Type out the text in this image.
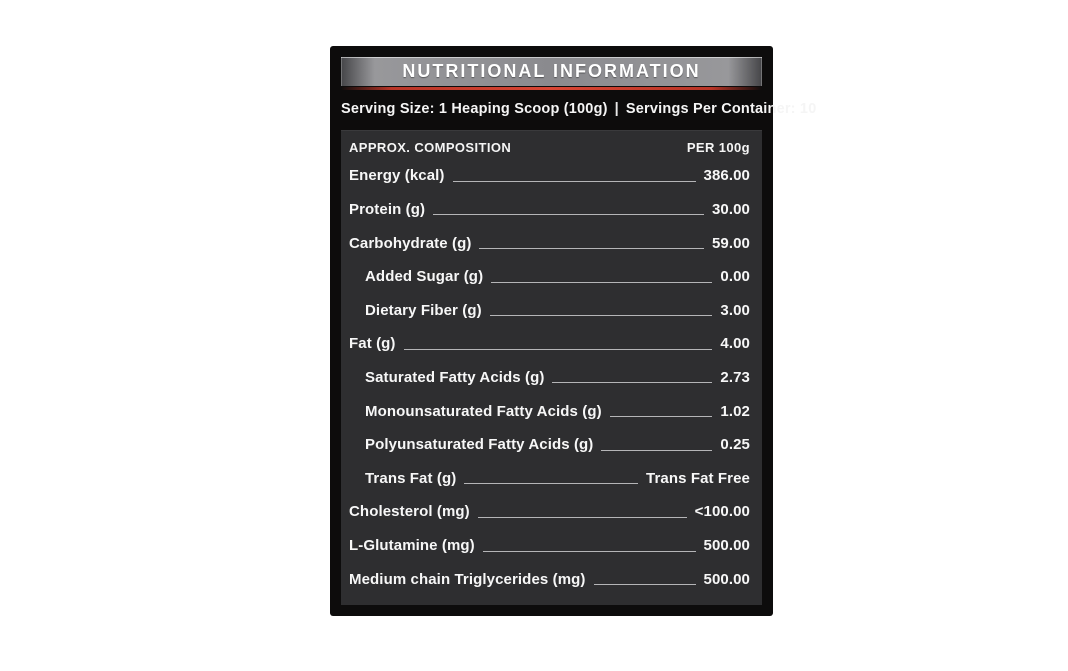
NUTRITIONAL INFORMATION
Serving Size: 1 Heaping Scoop (100g) | Servings Per Container: 10
APPROX. COMPOSITION	PER 100g
Energy (kcal)	386.00
Protein (g)	30.00
Carbohydrate (g)	59.00
Added Sugar (g)	0.00
Dietary Fiber (g)	3.00
Fat (g)	4.00
Saturated Fatty Acids (g)	2.73
Monounsaturated Fatty Acids (g)	1.02
Polyunsaturated Fatty Acids (g)	0.25
Trans Fat (g)	Trans Fat Free
Cholesterol (mg)	<100.00
L-Glutamine (mg)	500.00
Medium chain Triglycerides (mg)	500.00
